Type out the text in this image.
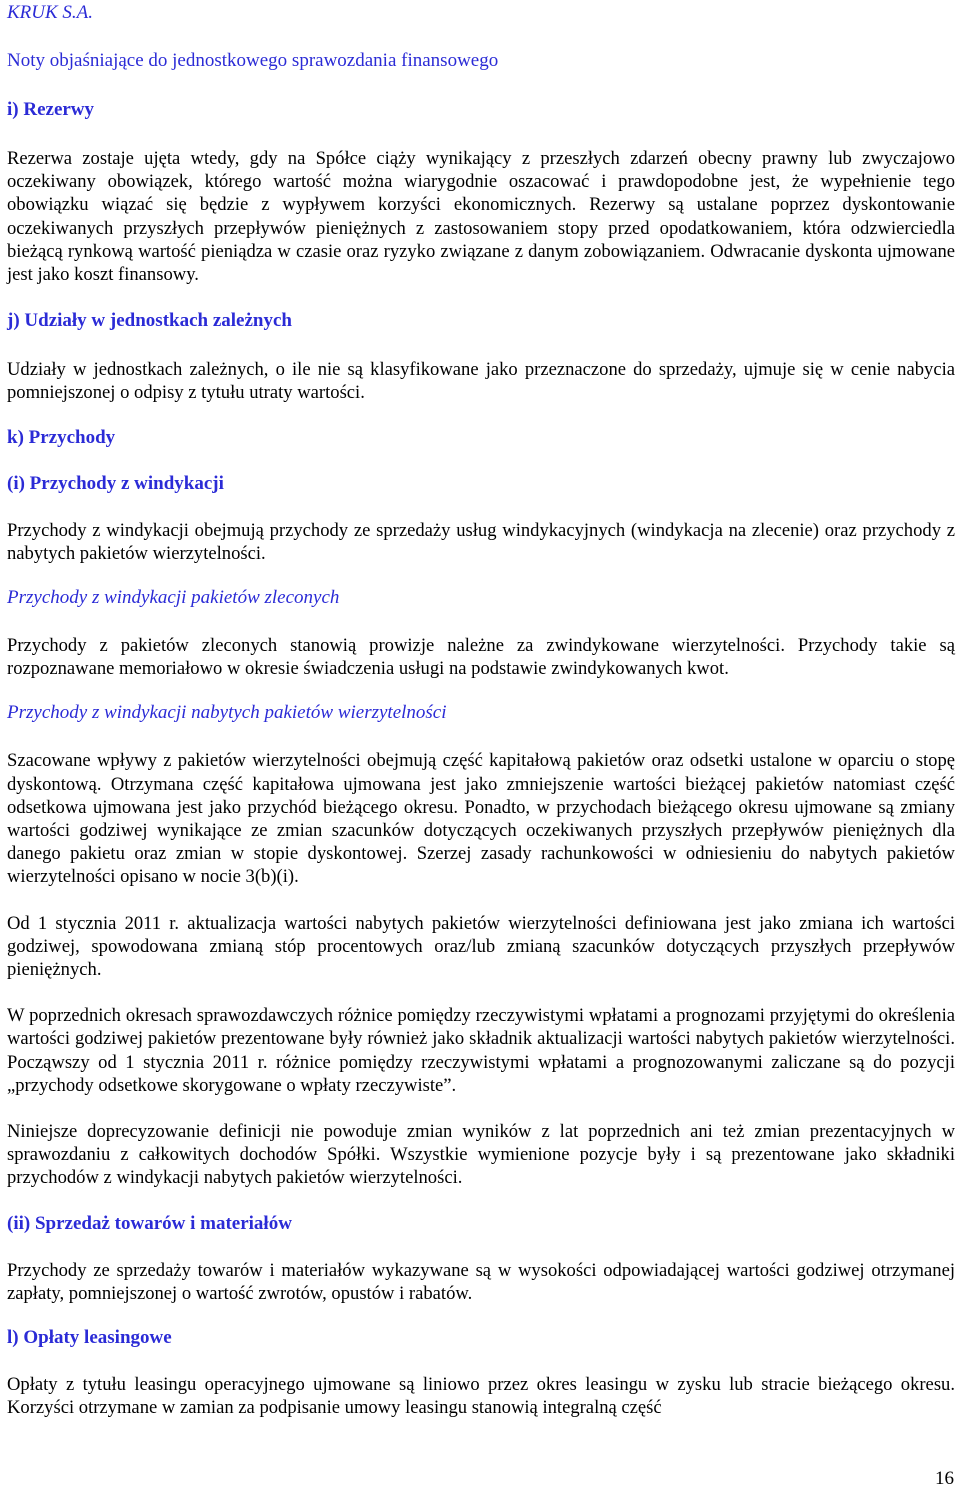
KRUK S.A.
Noty objaśniające do jednostkowego sprawozdania finansowego
i) Rezerwy

Rezerwa zostaje ujęta wtedy, gdy na Spółce ciąży wynikający z przeszłych zdarzeń obecny prawny lub zwyczajowo oczekiwany obowiązek, którego wartość można wiarygodnie oszacować i prawdopodobne jest, że wypełnienie tego obowiązku wiązać się będzie z wypływem korzyści ekonomicznych. Rezerwy są ustalane poprzez dyskontowanie oczekiwanych przyszłych przepływów pieniężnych z zastosowaniem stopy przed opodatkowaniem, która odzwierciedla bieżącą rynkową wartość pieniądza w czasie oraz ryzyko związane z danym zobowiązaniem. Odwracanie dyskonta ujmowane jest jako koszt finansowy.

j) Udziały w jednostkach zależnych

Udziały w jednostkach zależnych, o ile nie są klasyfikowane jako przeznaczone do sprzedaży, ujmuje się w cenie nabycia pomniejszonej o odpisy z tytułu utraty wartości.

k) Przychody
(i) Przychody z windykacji

Przychody z windykacji obejmują przychody ze sprzedaży usług windykacyjnych (windykacja na zlecenie) oraz przychody z nabytych pakietów wierzytelności.

Przychody z windykacji pakietów zleconych

Przychody z pakietów zleconych stanowią prowizje należne za zwindykowane wierzytelności. Przychody takie są rozpoznawane memoriałowo w okresie świadczenia usługi na podstawie zwindykowanych kwot.

Przychody z windykacji nabytych pakietów wierzytelności

Szacowane wpływy z pakietów wierzytelności obejmują część kapitałową pakietów oraz odsetki ustalone w oparciu o stopę dyskontową. Otrzymana część kapitałowa ujmowana jest jako zmniejszenie wartości bieżącej pakietów natomiast część odsetkowa ujmowana jest jako przychód bieżącego okresu. Ponadto, w przychodach bieżącego okresu ujmowane są zmiany wartości godziwej wynikające ze zmian szacunków dotyczących oczekiwanych przyszłych przepływów pieniężnych dla danego pakietu oraz zmian w stopie dyskontowej. Szerzej zasady rachunkowości w odniesieniu do nabytych pakietów wierzytelności opisano w nocie 3(b)(i).

Od 1 stycznia 2011 r. aktualizacja wartości nabytych pakietów wierzytelności definiowana jest jako zmiana ich wartości godziwej, spowodowana zmianą stóp procentowych oraz/lub zmianą szacunków dotyczących przyszłych przepływów pieniężnych.

W poprzednich okresach sprawozdawczych różnice pomiędzy rzeczywistymi wpłatami a prognozami przyjętymi do określenia wartości godziwej pakietów prezentowane były również jako składnik aktualizacji wartości nabytych pakietów wierzytelności. Począwszy od 1 stycznia 2011 r. różnice pomiędzy rzeczywistymi wpłatami a prognozowanymi zaliczane są do pozycji „przychody odsetkowe skorygowane o wpłaty rzeczywiste”.

Niniejsze doprecyzowanie definicji nie powoduje zmian wyników z lat poprzednich ani też zmian prezentacyjnych w sprawozdaniu z całkowitych dochodów Spółki. Wszystkie wymienione pozycje były i są prezentowane jako składniki przychodów z windykacji nabytych pakietów wierzytelności.

(ii) Sprzedaż towarów i materiałów

Przychody ze sprzedaży towarów i materiałów wykazywane są w wysokości odpowiadającej wartości godziwej otrzymanej zapłaty, pomniejszonej o wartość zwrotów, opustów i rabatów.

l) Opłaty leasingowe

Opłaty z tytułu leasingu operacyjnego ujmowane są liniowo przez okres leasingu w zysku lub stracie bieżącego okresu. Korzyści otrzymane w zamian za podpisanie umowy leasingu stanowią integralną część

16
